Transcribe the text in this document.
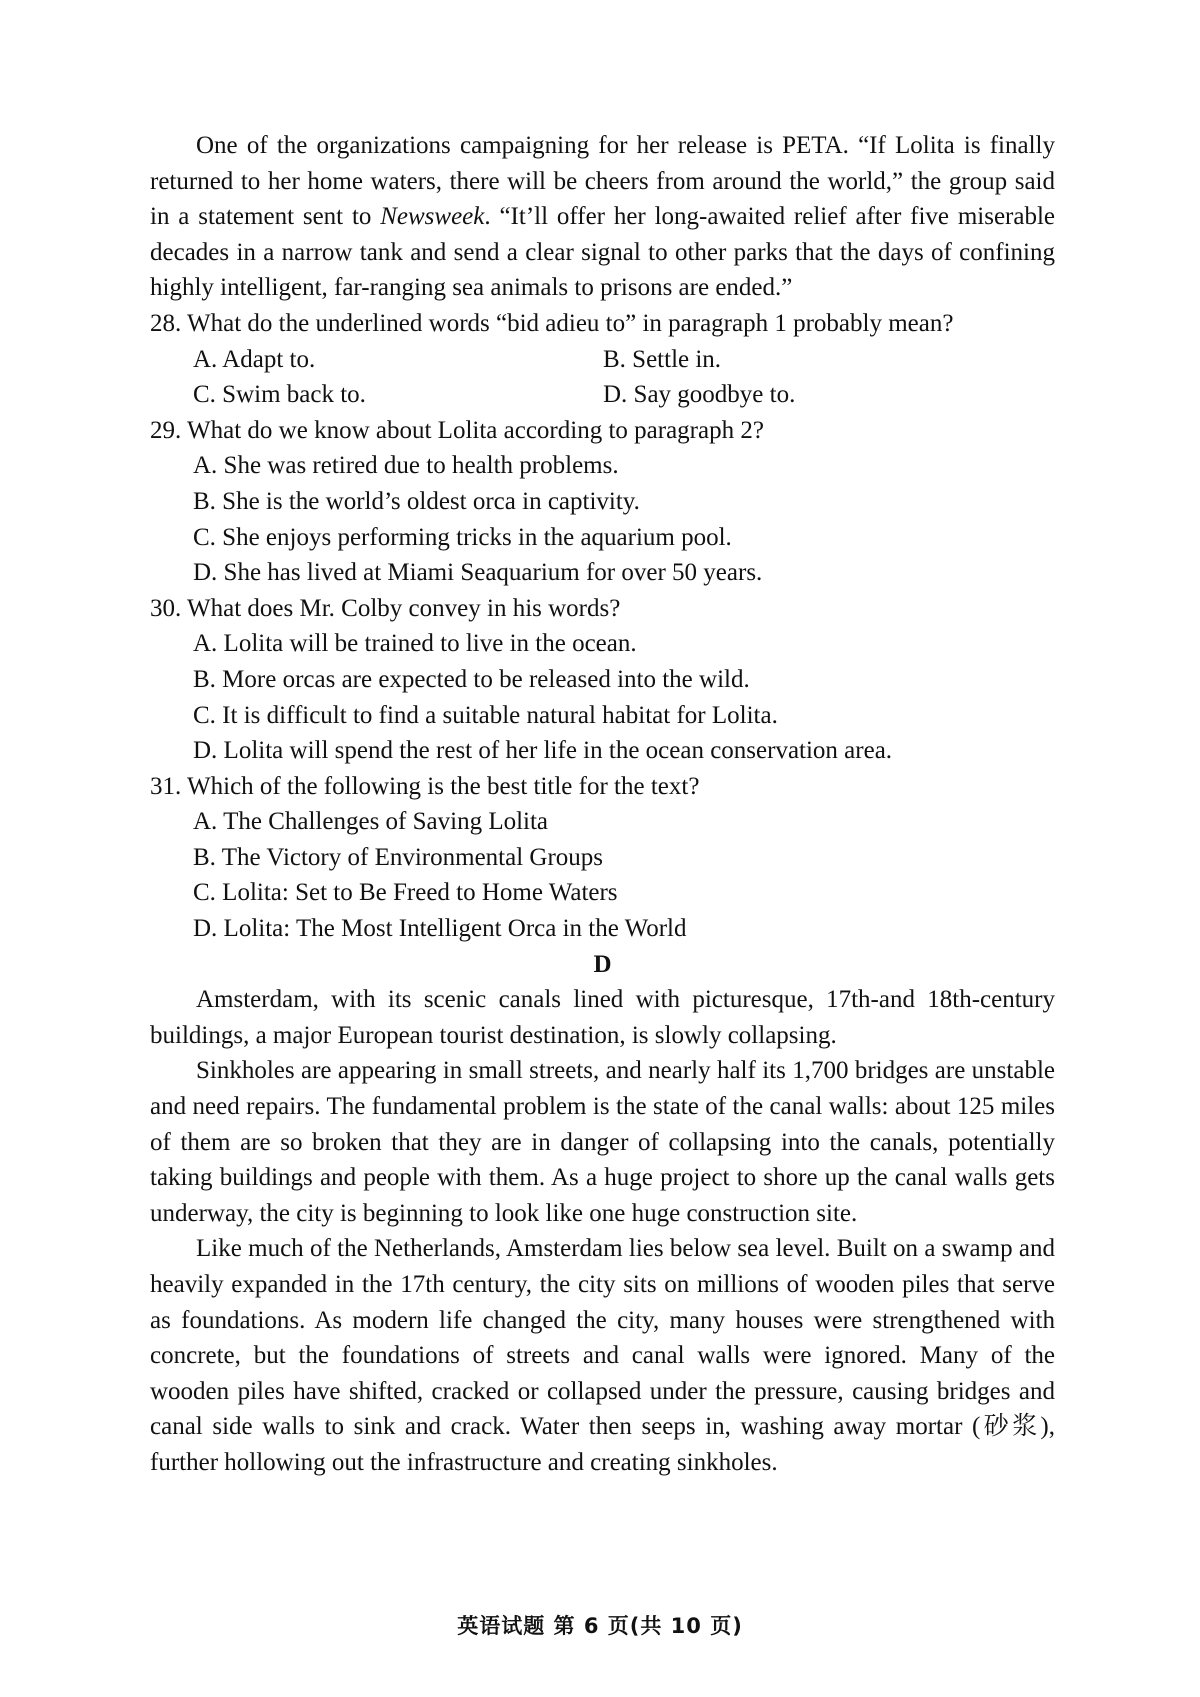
One of the organizations campaigning for her release is PETA. “If Lolita is finally returned to her home waters, there will be cheers from around the world,” the group said in a statement sent to Newsweek. “It’ll offer her long-awaited relief after five miserable decades in a narrow tank and send a clear signal to other parks that the days of confining highly intelligent, far-ranging sea animals to prisons are ended.”

28. What do the underlined words “bid adieu to” in paragraph 1 probably mean?

A. Adapt to.	B. Settle in.

C. Swim back to.	D. Say goodbye to.

29. What do we know about Lolita according to paragraph 2?

A. She was retired due to health problems.

B. She is the world’s oldest orca in captivity.

C. She enjoys performing tricks in the aquarium pool.

D. She has lived at Miami Seaquarium for over 50 years.

30. What does Mr. Colby convey in his words?

A. Lolita will be trained to live in the ocean.

B. More orcas are expected to be released into the wild.

C. It is difficult to find a suitable natural habitat for Lolita.

D. Lolita will spend the rest of her life in the ocean conservation area.

31. Which of the following is the best title for the text?

A. The Challenges of Saving Lolita

B. The Victory of Environmental Groups

C. Lolita: Set to Be Freed to Home Waters

D. Lolita: The Most Intelligent Orca in the World

D

Amsterdam, with its scenic canals lined with picturesque, 17th-and 18th-century buildings, a major European tourist destination, is slowly collapsing.

Sinkholes are appearing in small streets, and nearly half its 1,700 bridges are unstable and need repairs. The fundamental problem is the state of the canal walls: about 125 miles of them are so broken that they are in danger of collapsing into the canals, potentially taking buildings and people with them. As a huge project to shore up the canal walls gets underway, the city is beginning to look like one huge construction site.

Like much of the Netherlands, Amsterdam lies below sea level. Built on a swamp and heavily expanded in the 17th century, the city sits on millions of wooden piles that serve as foundations. As modern life changed the city, many houses were strengthened with concrete, but the foundations of streets and canal walls were ignored. Many of the wooden piles have shifted, cracked or collapsed under the pressure, causing bridges and canal side walls to sink and crack. Water then seeps in, washing away mortar (砂浆), further hollowing out the infrastructure and creating sinkholes.

英语试题 第 6 页(共 10 页)
